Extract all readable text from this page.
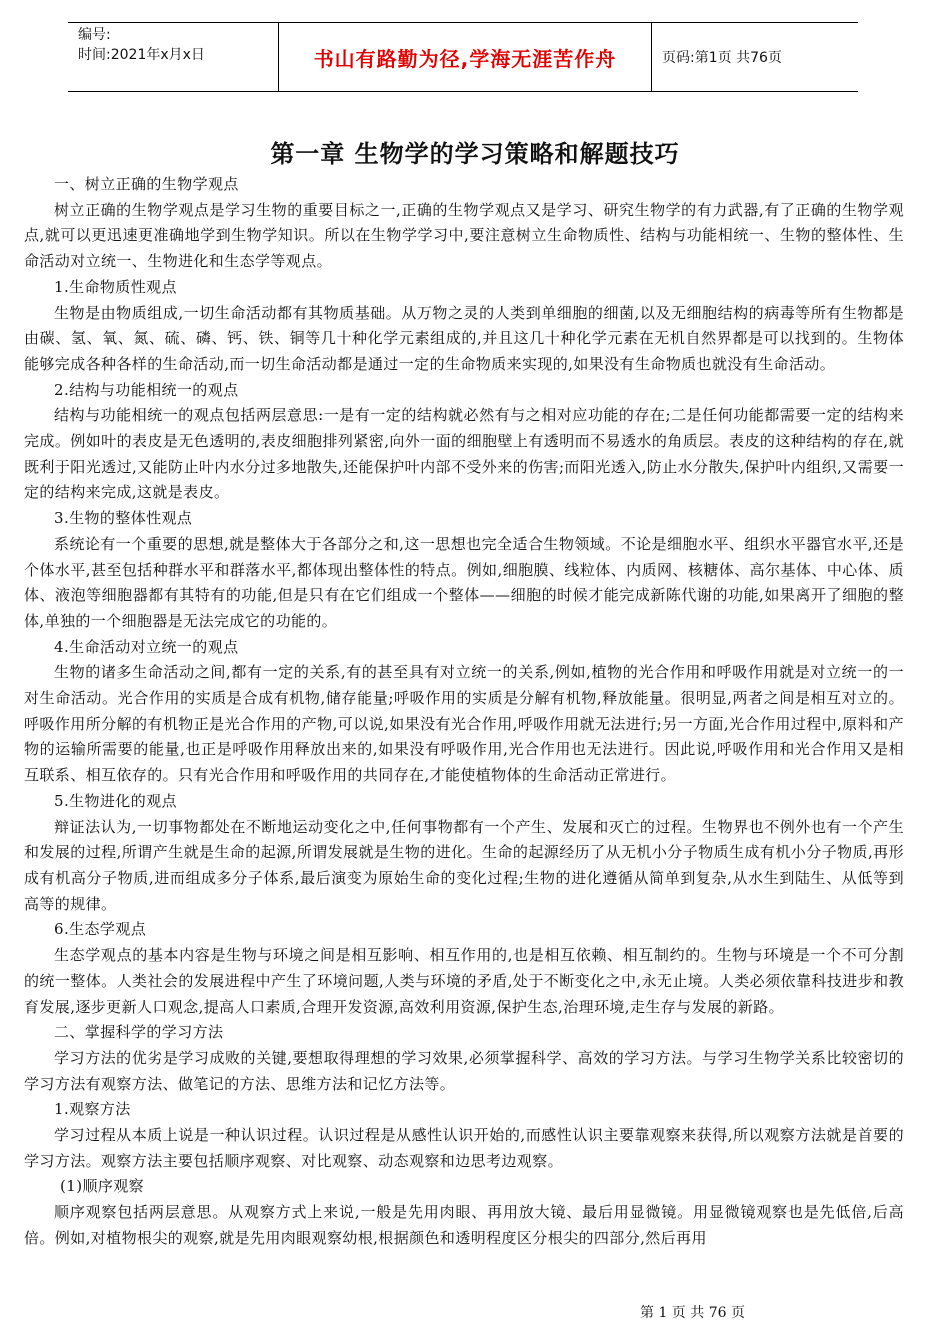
编号:
时间:2021年x月x日	书山有路勤为径,学海无涯苦作舟	页码:第1页 共76页
第一章 生物学的学习策略和解题技巧

一、树立正确的生物学观点

树立正确的生物学观点是学习生物的重要目标之一,正确的生物学观点又是学习、研究生物学的有力武器,有了正确的生物学观点,就可以更迅速更准确地学到生物学知识。所以在生物学学习中,要注意树立生命物质性、结构与功能相统一、生物的整体性、生命活动对立统一、生物进化和生态学等观点。

1.生命物质性观点

生物是由物质组成,一切生命活动都有其物质基础。从万物之灵的人类到单细胞的细菌,以及无细胞结构的病毒等所有生物都是由碳、氢、氧、氮、硫、磷、钙、铁、铜等几十种化学元素组成的,并且这几十种化学元素在无机自然界都是可以找到的。生物体能够完成各种各样的生命活动,而一切生命活动都是通过一定的生命物质来实现的,如果没有生命物质也就没有生命活动。

2.结构与功能相统一的观点

结构与功能相统一的观点包括两层意思:一是有一定的结构就必然有与之相对应功能的存在;二是任何功能都需要一定的结构来完成。例如叶的表皮是无色透明的,表皮细胞排列紧密,向外一面的细胞壁上有透明而不易透水的角质层。表皮的这种结构的存在,就既利于阳光透过,又能防止叶内水分过多地散失,还能保护叶内部不受外来的伤害;而阳光透入,防止水分散失,保护叶内组织,又需要一定的结构来完成,这就是表皮。

3.生物的整体性观点

系统论有一个重要的思想,就是整体大于各部分之和,这一思想也完全适合生物领域。不论是细胞水平、组织水平器官水平,还是个体水平,甚至包括种群水平和群落水平,都体现出整体性的特点。例如,细胞膜、线粒体、内质网、核糖体、高尔基体、中心体、质体、液泡等细胞器都有其特有的功能,但是只有在它们组成一个整体——细胞的时候才能完成新陈代谢的功能,如果离开了细胞的整体,单独的一个细胞器是无法完成它的功能的。

4.生命活动对立统一的观点

生物的诸多生命活动之间,都有一定的关系,有的甚至具有对立统一的关系,例如,植物的光合作用和呼吸作用就是对立统一的一对生命活动。光合作用的实质是合成有机物,储存能量;呼吸作用的实质是分解有机物,释放能量。很明显,两者之间是相互对立的。呼吸作用所分解的有机物正是光合作用的产物,可以说,如果没有光合作用,呼吸作用就无法进行;另一方面,光合作用过程中,原料和产物的运输所需要的能量,也正是呼吸作用释放出来的,如果没有呼吸作用,光合作用也无法进行。因此说,呼吸作用和光合作用又是相互联系、相互依存的。只有光合作用和呼吸作用的共同存在,才能使植物体的生命活动正常进行。

5.生物进化的观点

辩证法认为,一切事物都处在不断地运动变化之中,任何事物都有一个产生、发展和灭亡的过程。生物界也不例外也有一个产生和发展的过程,所谓产生就是生命的起源,所谓发展就是生物的进化。生命的起源经历了从无机小分子物质生成有机小分子物质,再形成有机高分子物质,进而组成多分子体系,最后演变为原始生命的变化过程;生物的进化遵循从简单到复杂,从水生到陆生、从低等到高等的规律。

6.生态学观点

生态学观点的基本内容是生物与环境之间是相互影响、相互作用的,也是相互依赖、相互制约的。生物与环境是一个不可分割的统一整体。人类社会的发展进程中产生了环境问题,人类与环境的矛盾,处于不断变化之中,永无止境。人类必须依靠科技进步和教育发展,逐步更新人口观念,提高人口素质,合理开发资源,高效利用资源,保护生态,治理环境,走生存与发展的新路。

二、掌握科学的学习方法

学习方法的优劣是学习成败的关键,要想取得理想的学习效果,必须掌握科学、高效的学习方法。与学习生物学关系比较密切的学习方法有观察方法、做笔记的方法、思维方法和记忆方法等。

1.观察方法

学习过程从本质上说是一种认识过程。认识过程是从感性认识开始的,而感性认识主要靠观察来获得,所以观察方法就是首要的学习方法。观察方法主要包括顺序观察、对比观察、动态观察和边思考边观察。

(1)顺序观察

顺序观察包括两层意思。从观察方式上来说,一般是先用肉眼、再用放大镜、最后用显微镜。用显微镜观察也是先低倍,后高倍。例如,对植物根尖的观察,就是先用肉眼观察幼根,根据颜色和透明程度区分根尖的四部分,然后再用

第 1 页 共 76 页
